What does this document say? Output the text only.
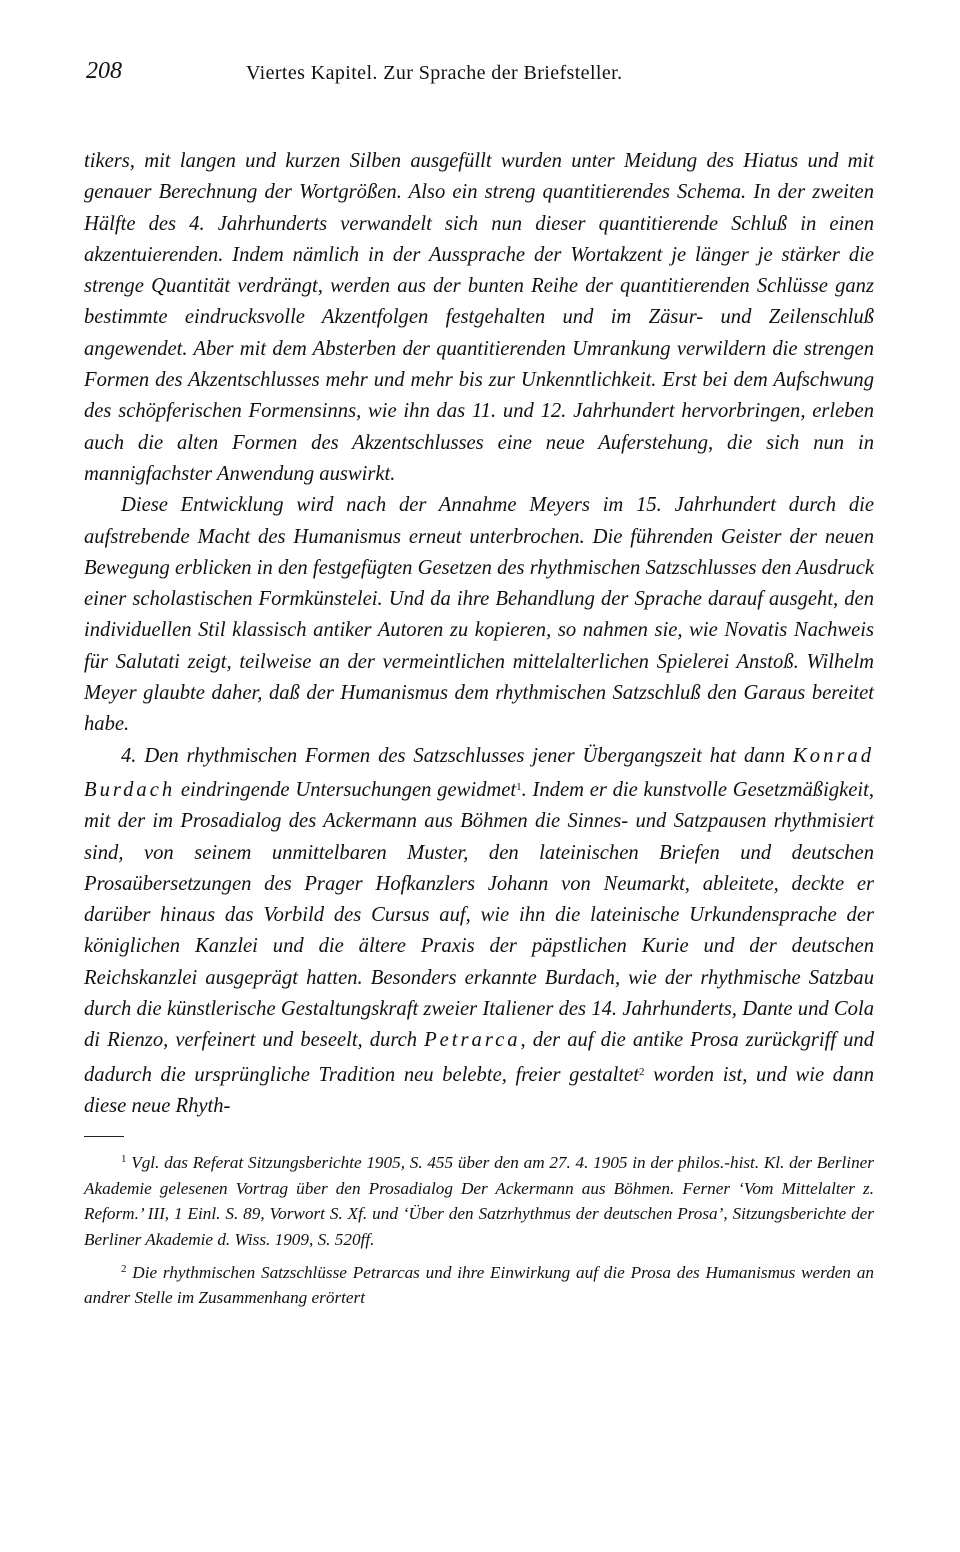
208	Viertes Kapitel. Zur Sprache der Briefsteller.

tikers, mit langen und kurzen Silben ausgefüllt wurden unter Meidung des Hiatus und mit genauer Berechnung der Wortgrößen. Also ein streng quantitierendes Schema. In der zweiten Hälfte des 4. Jahrhunderts verwandelt sich nun dieser quantitierende Schluß in einen akzentuierenden. Indem nämlich in der Aussprache der Wortakzent je länger je stärker die strenge Quantität verdrängt, werden aus der bunten Reihe der quantitierenden Schlüsse ganz bestimmte eindrucksvolle Akzentfolgen festgehalten und im Zäsur- und Zeilenschluß angewendet. Aber mit dem Absterben der quantitierenden Umrankung verwildern die strengen Formen des Akzentschlusses mehr und mehr bis zur Unkenntlichkeit. Erst bei dem Aufschwung des schöpferischen Formensinns, wie ihn das 11. und 12. Jahrhundert hervorbringen, erleben auch die alten Formen des Akzentschlusses eine neue Auferstehung, die sich nun in mannigfachster Anwendung auswirkt.

Diese Entwicklung wird nach der Annahme Meyers im 15. Jahrhundert durch die aufstrebende Macht des Humanismus erneut unterbrochen. Die führenden Geister der neuen Bewegung erblicken in den festgefügten Gesetzen des rhythmischen Satzschlusses den Ausdruck einer scholastischen Formkünstelei. Und da ihre Behandlung der Sprache darauf ausgeht, den individuellen Stil klassisch antiker Autoren zu kopieren, so nahmen sie, wie Novatis Nachweis für Salutati zeigt, teilweise an der vermeintlichen mittelalterlichen Spielerei Anstoß. Wilhelm Meyer glaubte daher, daß der Humanismus dem rhythmischen Satzschluß den Garaus bereitet habe.

4. Den rhythmischen Formen des Satzschlusses jener Übergangszeit hat dann Konrad Burdach eindringende Untersuchungen gewidmet$^1$. Indem er die kunstvolle Gesetzmäßigkeit, mit der im Prosadialog des Ackermann aus Böhmen die Sinnes- und Satzpausen rhythmisiert sind, von seinem unmittelbaren Muster, den lateinischen Briefen und deutschen Prosaübersetzungen des Prager Hofkanzlers Johann von Neumarkt, ableitete, deckte er darüber hinaus das Vorbild des Cursus auf, wie ihn die lateinische Urkundensprache der königlichen Kanzlei und die ältere Praxis der päpstlichen Kurie und der deutschen Reichskanzlei ausgeprägt hatten. Besonders erkannte Burdach, wie der rhythmische Satzbau durch die künstlerische Gestaltungskraft zweier Italiener des 14. Jahrhunderts, Dante und Cola di Rienzo, verfeinert und beseelt, durch Petrarca, der auf die antike Prosa zurückgriff und dadurch die ursprüngliche Tradition neu belebte, freier gestaltet$^2$ worden ist, und wie dann diese neue Rhyth-

$^1$ Vgl. das Referat Sitzungsberichte 1905, S. 455 über den am 27. 4. 1905 in der philos.-hist. Kl. der Berliner Akademie gelesenen Vortrag über den Prosadialog Der Ackermann aus Böhmen. Ferner ‘Vom Mittelalter z. Reform.’ III, 1 Einl. S. 89, Vorwort S. Xf. und ‘Über den Satzrhythmus der deutschen Prosa’, Sitzungsberichte der Berliner Akademie d. Wiss. 1909, S. 520ff.

$^2$ Die rhythmischen Satzschlüsse Petrarcas und ihre Einwirkung auf die Prosa des Humanismus werden an andrer Stelle im Zusammenhang erörtert
